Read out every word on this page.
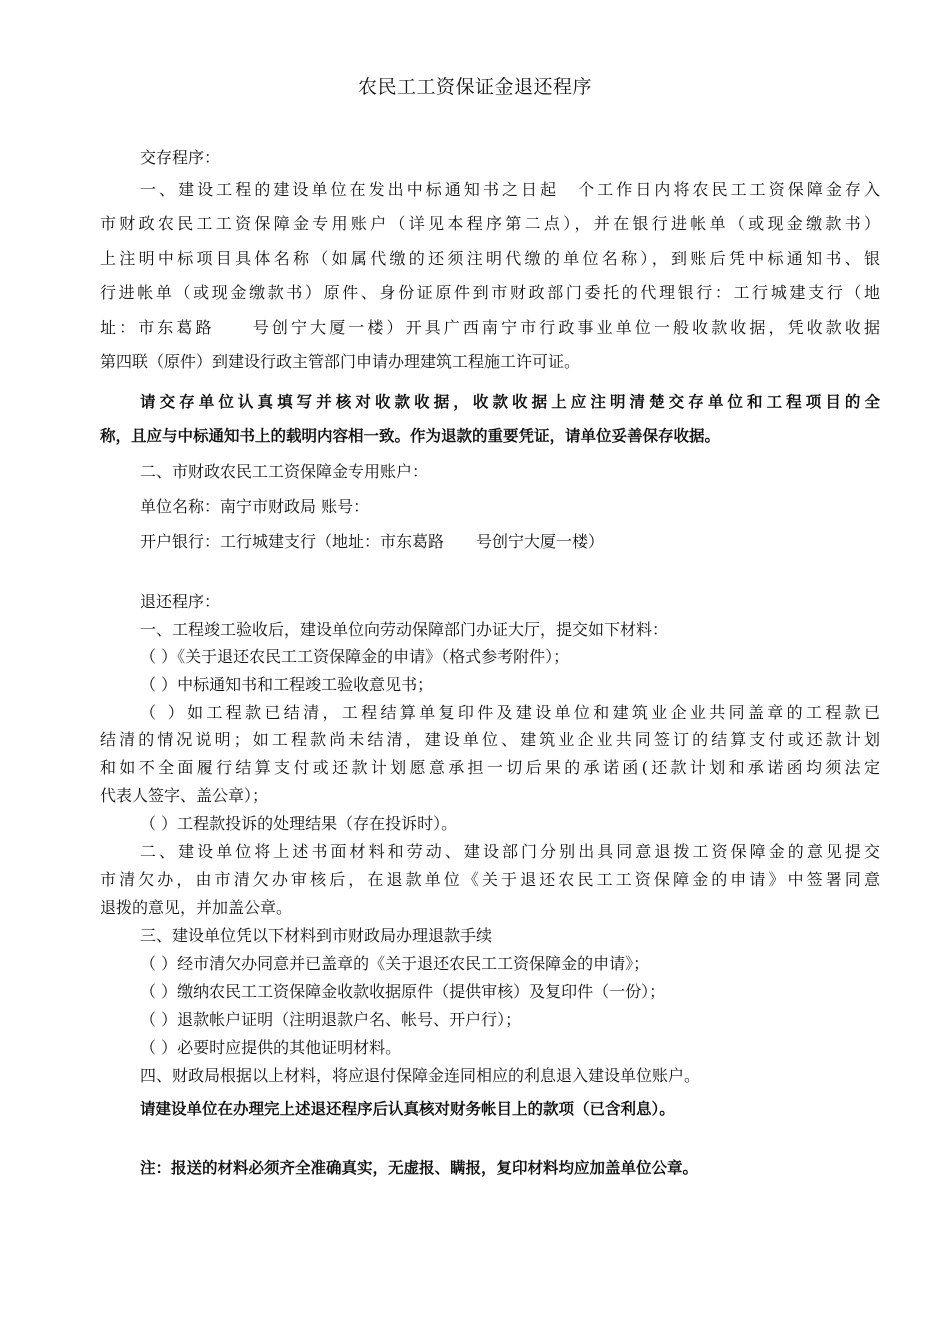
农民工工资保证金退还程序
交存程序：
一、建设工程的建设单位在发出中标通知书之日起　个工作日内将农民工工资保障金存入
市财政农民工工资保障金专用账户（详见本程序第二点），并在银行进帐单（或现金缴款书）
上注明中标项目具体名称（如属代缴的还须注明代缴的单位名称），到账后凭中标通知书、银
行进帐单（或现金缴款书）原件、身份证原件到市财政部门委托的代理银行：工行城建支行（地
址：市东葛路　　号创宁大厦一楼）开具广西南宁市行政事业单位一般收款收据，凭收款收据
第四联（原件）到建设行政主管部门申请办理建筑工程施工许可证。
请交存单位认真填写并核对收款收据，收款收据上应注明清楚交存单位和工程项目的全
称，且应与中标通知书上的载明内容相一致。作为退款的重要凭证，请单位妥善保存收据。
二、市财政农民工工资保障金专用账户：
单位名称：南宁市财政局 账号：
开户银行：工行城建支行（地址：市东葛路　　号创宁大厦一楼）
退还程序：
一、工程竣工验收后，建设单位向劳动保障部门办证大厅，提交如下材料：
（ ）《关于退还农民工工资保障金的申请》（格式参考附件）；
（ ）中标通知书和工程竣工验收意见书；
（ ）如工程款已结清，工程结算单复印件及建设单位和建筑业企业共同盖章的工程款已
结清的情况说明；如工程款尚未结清，建设单位、建筑业企业共同签订的结算支付或还款计划
和如不全面履行结算支付或还款计划愿意承担一切后果的承诺函(还款计划和承诺函均须法定
代表人签字、盖公章）；
（ ）工程款投诉的处理结果（存在投诉时）。
二、建设单位将上述书面材料和劳动、建设部门分别出具同意退拨工资保障金的意见提交
市清欠办，由市清欠办审核后，在退款单位《关于退还农民工工资保障金的申请》中签署同意
退拨的意见，并加盖公章。
三、建设单位凭以下材料到市财政局办理退款手续
（ ）经市清欠办同意并已盖章的《关于退还农民工工资保障金的申请》；
（ ）缴纳农民工工资保障金收款收据原件（提供审核）及复印件（一份）；
（ ）退款帐户证明（注明退款户名、帐号、开户行）；
（ ）必要时应提供的其他证明材料。
四、财政局根据以上材料，将应退付保障金连同相应的利息退入建设单位账户。
请建设单位在办理完上述退还程序后认真核对财务帐目上的款项（已含利息）。
注：报送的材料必须齐全准确真实，无虚报、瞒报，复印材料均应加盖单位公章。
